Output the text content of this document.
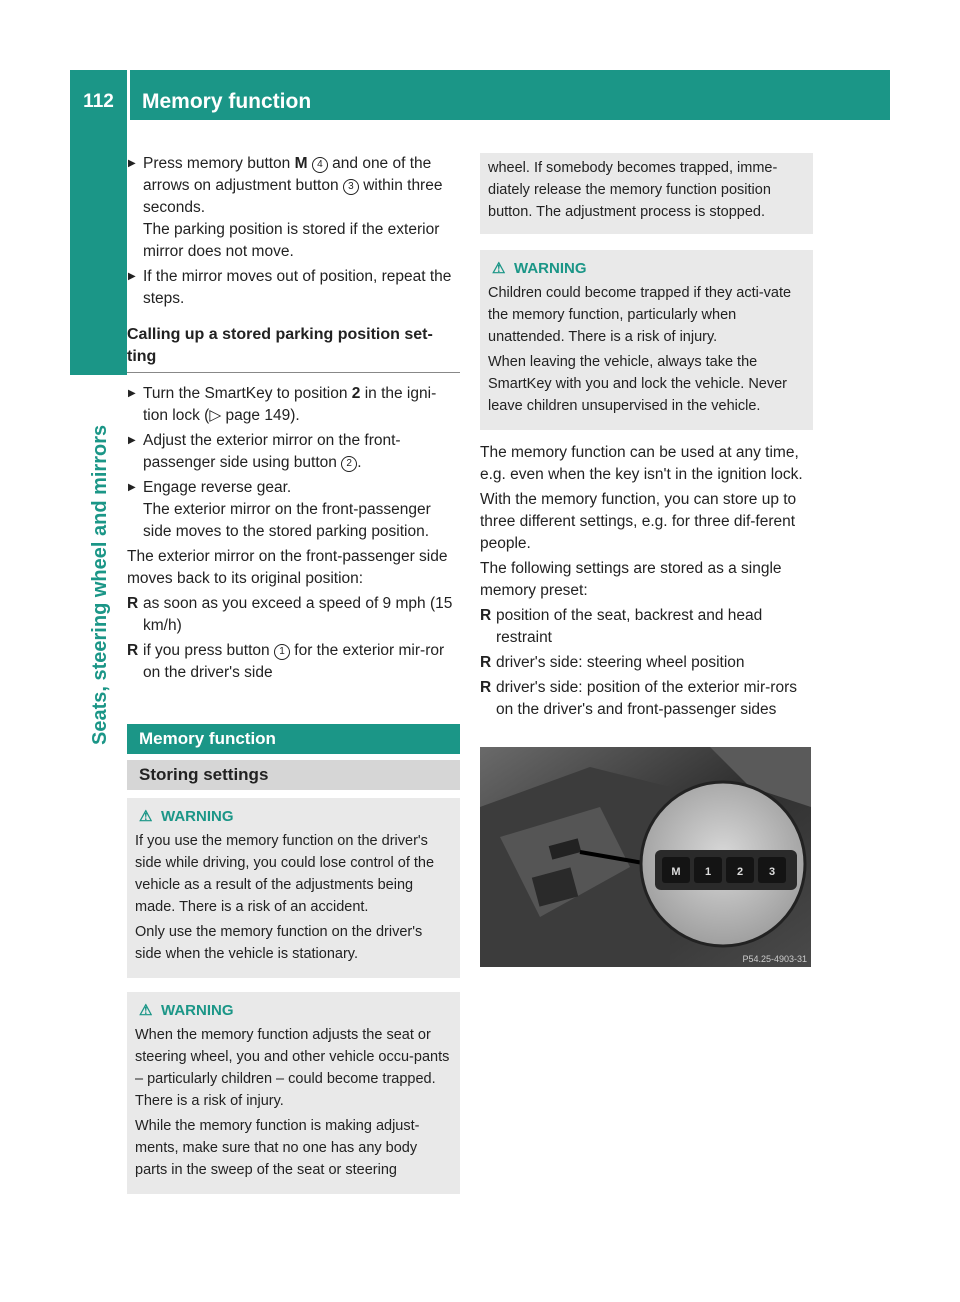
112	Memory function
Seats, steering wheel and mirrors
▶ Press memory button M 4 and one of the arrows on adjustment button 3 within three seconds.
The parking position is stored if the exterior mirror does not move.
▶ If the mirror moves out of position, repeat the steps.
Calling up a stored parking position set-ting
▶ Turn the SmartKey to position 2 in the igni-tion lock (▷ page 149).
▶ Adjust the exterior mirror on the front-passenger side using button 2 .
▶ Engage reverse gear.
The exterior mirror on the front-passenger side moves to the stored parking position.

The exterior mirror on the front-passenger side moves back to its original position:

R as soon as you exceed a speed of 9 mph (15 km/h)
R if you press button 1 for the exterior mir-ror on the driver's side
Memory function
Storing settings
⚠ WARNING

If you use the memory function on the driver's side while driving, you could lose control of the vehicle as a result of the adjustments being made. There is a risk of an accident.

Only use the memory function on the driver's side when the vehicle is stationary.

⚠ WARNING

When the memory function adjusts the seat or steering wheel, you and other vehicle occu-pants – particularly children – could become trapped. There is a risk of injury.

While the memory function is making adjust-ments, make sure that no one has any body parts in the sweep of the seat or steering

wheel. If somebody becomes trapped, imme-diately release the memory function position button. The adjustment process is stopped.

⚠ WARNING

Children could become trapped if they acti-vate the memory function, particularly when unattended. There is a risk of injury.

When leaving the vehicle, always take the SmartKey with you and lock the vehicle. Never leave children unsupervised in the vehicle.

The memory function can be used at any time, e.g. even when the key isn't in the ignition lock.

With the memory function, you can store up to three different settings, e.g. for three dif-ferent people.

The following settings are stored as a single memory preset:

R position of the seat, backrest and head restraint
R driver's side: steering wheel position
R driver's side: position of the exterior mir-rors on the driver's and front-passenger sides
M 1 2 3
P54.25-4903-31
